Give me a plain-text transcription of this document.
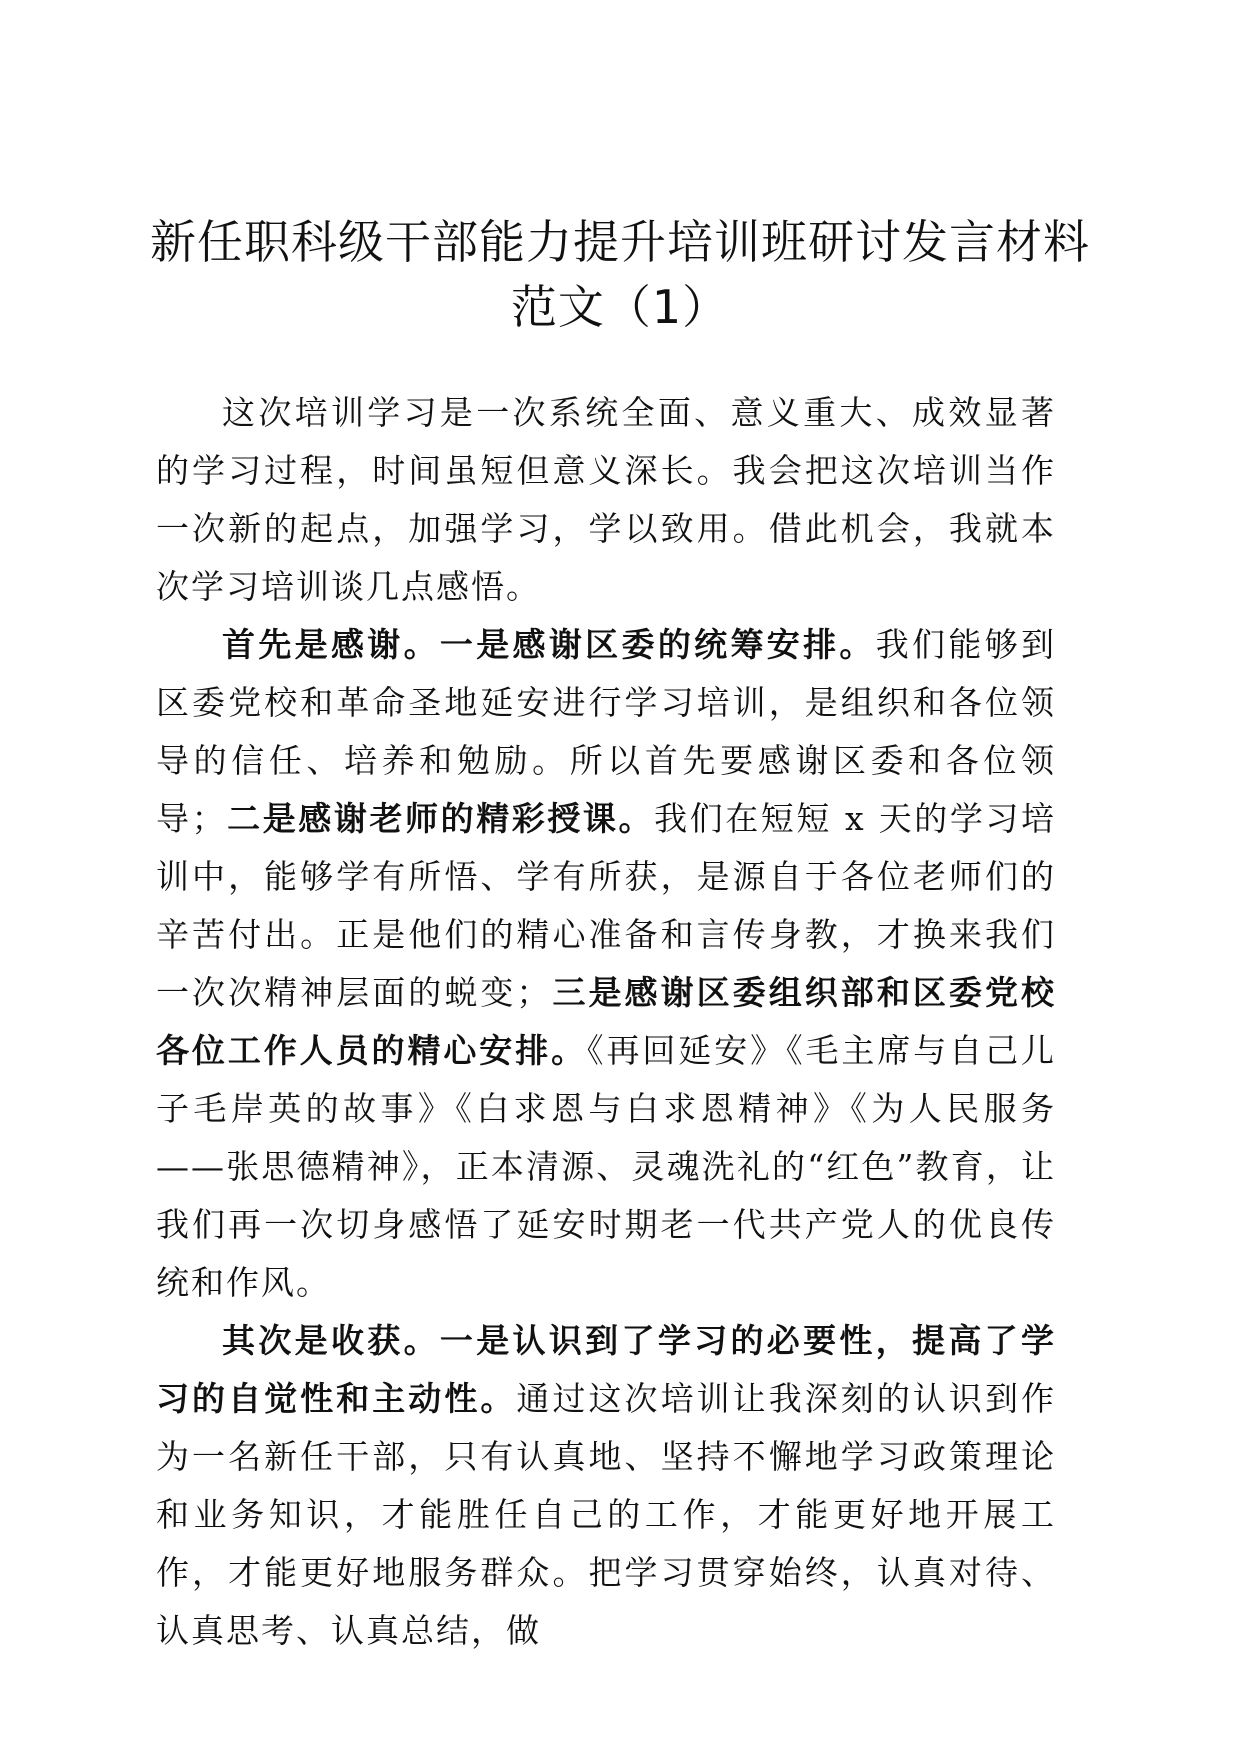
新任职科级干部能力提升培训班研讨发言材料范文（1）

这次培训学习是一次系统全面、意义重大、成效显著的学习过程，时间虽短但意义深长。我会把这次培训当作一次新的起点，加强学习，学以致用。借此机会，我就本次学习培训谈几点感悟。

首先是感谢。一是感谢区委的统筹安排。我们能够到区委党校和革命圣地延安进行学习培训，是组织和各位领导的信任、培养和勉励。所以首先要感谢区委和各位领导；二是感谢老师的精彩授课。我们在短短 x 天的学习培训中，能够学有所悟、学有所获，是源自于各位老师们的辛苦付出。正是他们的精心准备和言传身教，才换来我们一次次精神层面的蜕变；三是感谢区委组织部和区委党校各位工作人员的精心安排。《再回延安》《毛主席与自己儿子毛岸英的故事》《白求恩与白求恩精神》《为人民服务——张思德精神》，正本清源、灵魂洗礼的“红色”教育，让我们再一次切身感悟了延安时期老一代共产党人的优良传统和作风。

其次是收获。一是认识到了学习的必要性，提高了学习的自觉性和主动性。通过这次培训让我深刻的认识到作为一名新任干部，只有认真地、坚持不懈地学习政策理论和业务知识，才能胜任自己的工作，才能更好地开展工作，才能更好地服务群众。把学习贯穿始终，认真对待、认真思考、认真总结，做
